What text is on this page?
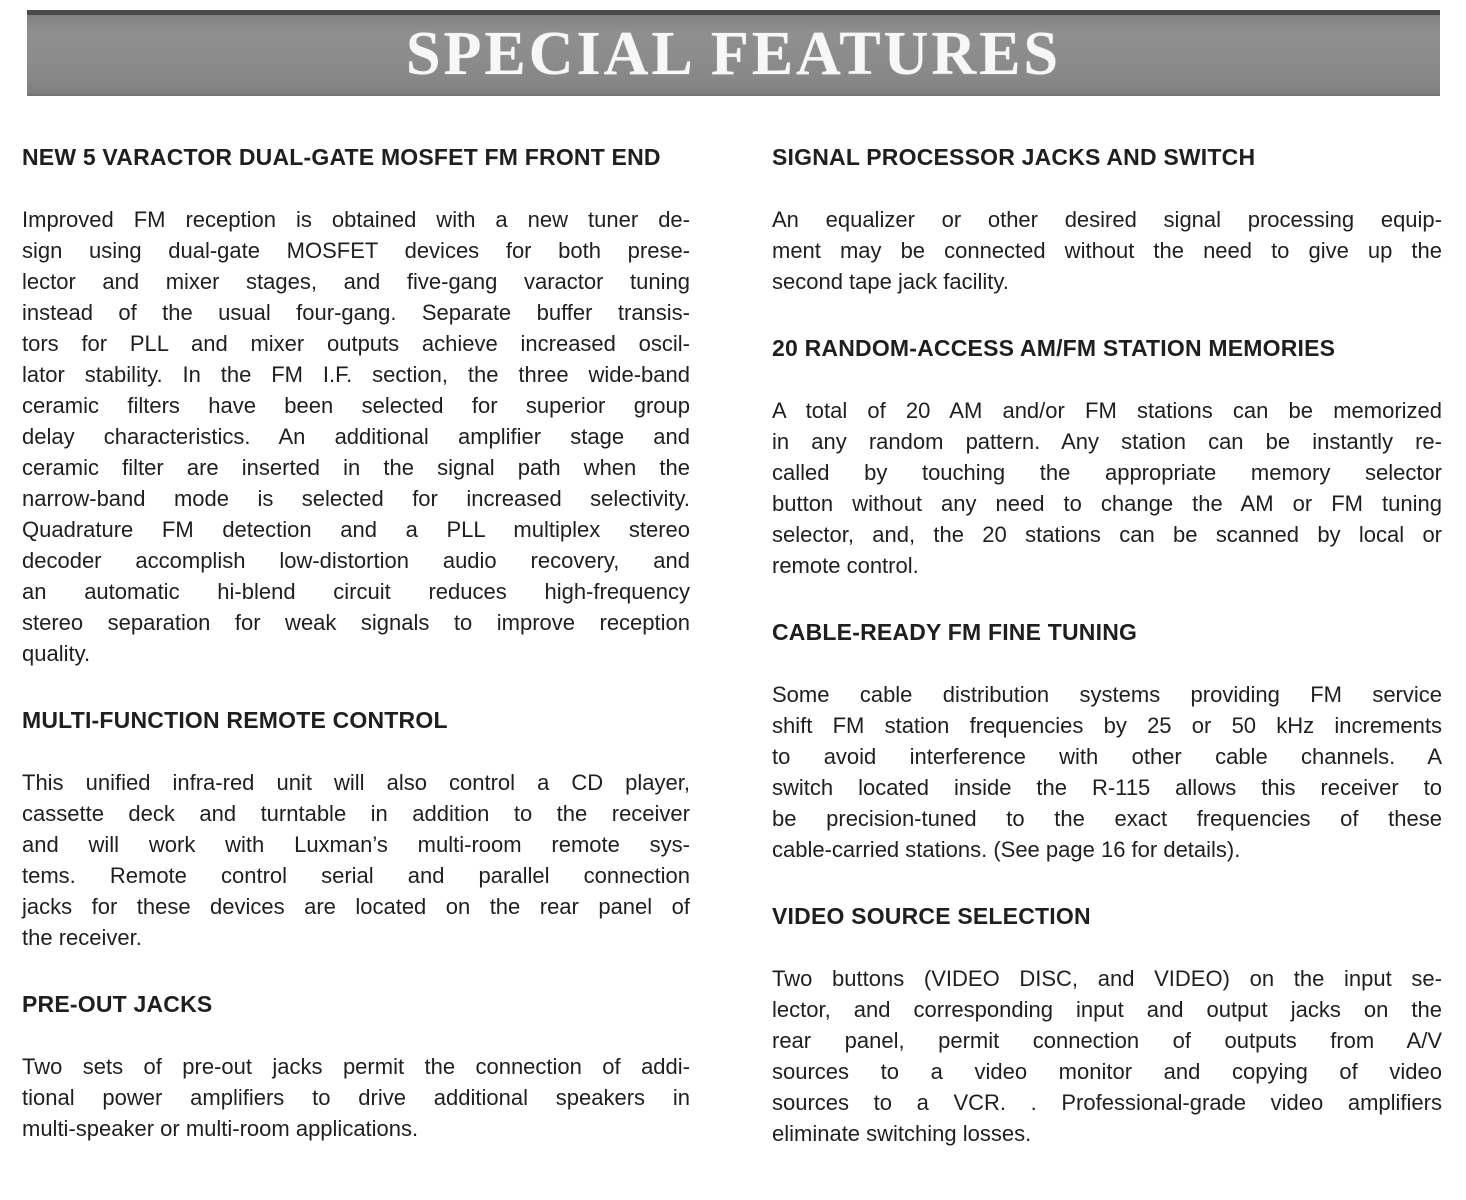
SPECIAL FEATURES
NEW 5 VARACTOR DUAL-GATE MOSFET FM FRONT END
Improved FM reception is obtained with a new tuner de-
sign using dual-gate MOSFET devices for both prese-
lector and mixer stages, and five-gang varactor tuning
instead of the usual four-gang. Separate buffer transis-
tors for PLL and mixer outputs achieve increased oscil-
lator stability. In the FM I.F. section, the three wide-band
ceramic filters have been selected for superior group
delay characteristics. An additional amplifier stage and
ceramic filter are inserted in the signal path when the
narrow-band mode is selected for increased selectivity.
Quadrature FM detection and a PLL multiplex stereo
decoder accomplish low-distortion audio recovery, and
an automatic hi-blend circuit reduces high-frequency
stereo separation for weak signals to improve reception
quality.
MULTI-FUNCTION REMOTE CONTROL
This unified infra-red unit will also control a CD player,
cassette deck and turntable in addition to the receiver
and will work with Luxman’s multi-room remote sys-
tems. Remote control serial and parallel connection
jacks for these devices are located on the rear panel of
the receiver.
PRE-OUT JACKS
Two sets of pre-out jacks permit the connection of addi-
tional power amplifiers to drive additional speakers in
multi-speaker or multi-room applications.
SIGNAL PROCESSOR JACKS AND SWITCH
An equalizer or other desired signal processing equip-
ment may be connected without the need to give up the
second tape jack facility.
20 RANDOM-ACCESS AM/FM STATION MEMORIES
A total of 20 AM and/or FM stations can be memorized
in any random pattern. Any station can be instantly re-
called by touching the appropriate memory selector
button without any need to change the AM or FM tuning
selector, and, the 20 stations can be scanned by local or
remote control.
CABLE-READY FM FINE TUNING
Some cable distribution systems providing FM service
shift FM station frequencies by 25 or 50 kHz increments
to avoid interference with other cable channels. A
switch located inside the R-115 allows this receiver to
be precision-tuned to the exact frequencies of these
cable-carried stations. (See page 16 for details).
VIDEO SOURCE SELECTION
Two buttons (VIDEO DISC, and VIDEO) on the input se-
lector, and corresponding input and output jacks on the
rear panel, permit connection of outputs from A/V
sources to a video monitor and copying of video
sources to a VCR. . Professional-grade video amplifiers
eliminate switching losses.
